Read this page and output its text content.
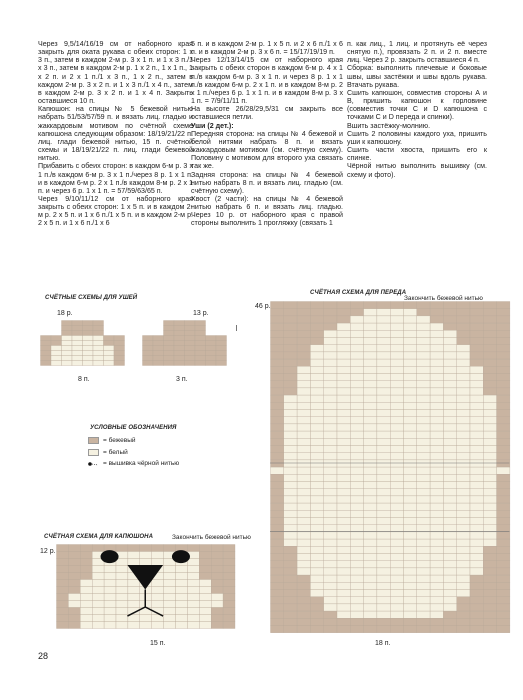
Через 9,5/14/16/19 см от наборного края закрыть для оката рукава с обеих сторон: 1 х 3 п., затем в каждом 2-м р. 3 х 1 п. и 1 х 3 п./1 х 3 п., затем в каждом 2-м р. 1 х 2 п., 1 х 1 п., 1 х 2 п. и 2 х 1 п./1 х 3 п., 1 х 2 п., затем в каждом 2-м р. 3 х 2 п. и 1 х 3 п./1 х 4 п., затем в каждом 2-м р. 3 х 2 п. и 1 х 4 п. Закрыть оставшиеся 10 п.

Капюшон: на спицы № 5 бежевой нитью набрать 51/53/57/59 п. и вязать лиц. гладью и жаккардовым мотивом по счётной схеме капюшона следующим образом: 18/19/21/22 п. лиц. глади бежевой нитью, 15 п. счётной схемы и 18/19/21/22 п. лиц. глади бежевой нитью.

Прибавить с обеих сторон: в каждом 6-м р. 3 х 1 п./в каждом 6-м р. 3 х 1 п./через 8 р. 1 х 1 п. и в каждом 6-м р. 2 х 1 п./в каждом 8-м р. 2 х 1 п. и через 6 р. 1 х 1 п. = 57/59/63/65 п.

Через 9/10/11/12 см от наборного края закрыть с обеих сторон: 1 х 5 п. и в каждом 2-м р. 2 х 5 п. и 1 х 6 п./1 х 5 п. и в каждом 2-м р. 2 х 5 п. и 1 х 6 п./1 х 6

5 п. и в каждом 2-м р. 1 х 5 п. и 2 х 6 п./1 х 6 п. и в каждом 2-м р. 3 х 6 п. = 15/17/19/19 п.

Через 12/13/14/15 см от наборного края закрыть с обеих сторон в каждом 6-м р. 4 х 1 п./в каждом 6-м р. 3 х 1 п. и через 8 р. 1 х 1 п./в каждом 6-м р. 2 х 1 п. и в каждом 8-м р. 2 х 1 п./через 6 р. 1 х 1 п. и в каждом 8-м р. 3 х 1 п. = 7/9/11/11 п.

На высоте 26/28/29,5/31 см закрыть все оставшиеся петли.

Уши (2 дет.):

Передняя сторона: на спицы № 4 бежевой и белой нитями набрать 8 п. и вязать жаккардовым мотивом (см. счётную схему). Половину с мотивом для второго уха связать так же.

Задняя сторона: на спицы № 4 бежевой нитью набрать 8 п. и вязать лиц. гладью (см. счётную схему).

Хвост (2 части): на спицы № 4 бежевой нитью набрать 6 п. и вязать лиц. гладью. Через 10 р. от наборного края с правой стороны выполнить 1 прогляжку (связать 1

п. как лиц., 1 лиц. и протянуть её через снятую п.), провязать 2 п. и 2 п. вместе лиц. Через 2 р. закрыть оставшиеся 4 п.

Сборка: выполнить плечевые и боковые швы, швы застёжки и швы вдоль рукава. Втачать рукава.

Сшить капюшон, совместив стороны А и В, пришить капюшон к горловине (совместив точки С и D капюшона с точками С и D переда и спинки).

Вшить застёжку-молнию.

Сшить 2 половины каждого уха, пришить уши к капюшону.

Сшить части хвоста, пришить его к спинке.

Чёрной нитью выполнить вышивку (см. схему и фото).

СЧЁТНЫЕ СХЕМЫ ДЛЯ УШЕЙ
18 р.	13 р.
8 п.	3 п.
УСЛОВНЫЕ ОБОЗНАЧЕНИЯ
= бежевый
= белый
= вышивка чёрной нитью
СЧЁТНАЯ СХЕМА ДЛЯ КАПЮШОНА	Закончить бежевой нитью
12 р.
15 п.
СЧЁТНАЯ СХЕМА ДЛЯ ПЕРЕДА
Закончить бежевой нитью
46 р.
18 п.
28
